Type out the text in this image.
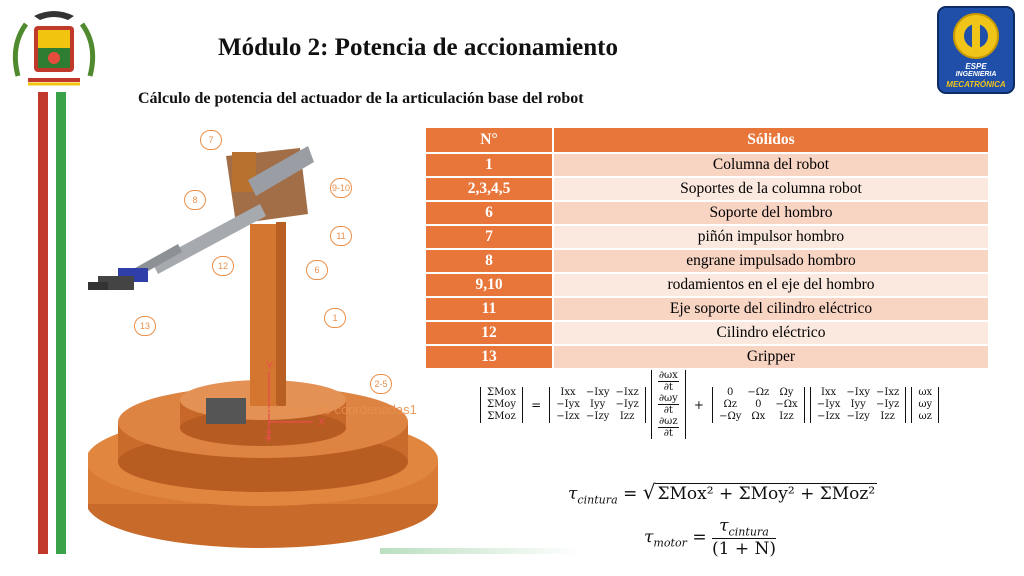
ESPE
INGENIERIA
MECATRÓNICA
Módulo 2: Potencia de accionamiento
Cálculo de potencia del actuador de la articulación base del robot
Y
Z
X
sistema de coordenadas1
7
8
9-10
11
12	6
1
13
2-5
N°	Sólidos
1	Columna del robot
2,3,4,5	Soportes de la columna robot
6	Soporte del hombro
7	piñón impulsor hombro
8	engrane impulsado hombro
9,10	rodamientos en el eje del hombro
11	Eje soporte del cilindro eléctrico
12	Cilindro eléctrico
13	Gripper
ΣMox
ΣMoy
ΣMoz
=
Ixx	−Ixy	−Ixz
−Iyx	Iyy	−Iyz
−Izx	−Izy	Izz

$\frac{\partial\omega x}{\partial t}$

$\frac{\partial\omega y}{\partial t}$

$\frac{\partial\omega z}{\partial t}$
+
0	−Ωz	Ωy
Ωz	0	−Ωx
−Ωy	Ωx	Izz

Ixx	−Ixy	−Ixz
−Iyx	Iyy	−Iyz
−Izx	−Izy	Izz

ωx
ωy
ωz
$\tau_{cintura}$ = √ ΣMox² + ΣMoy² + ΣMoz²
$\tau_{motor}$ =
$\tau_{cintura}$
(1 + N)
